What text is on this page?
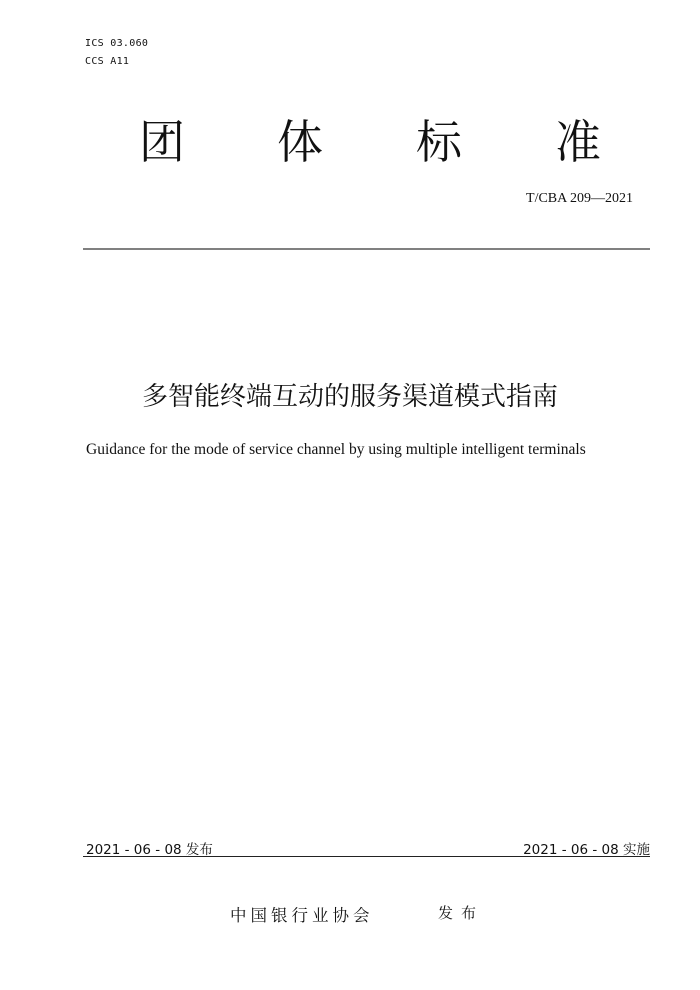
ICS 03.060
CCS A11
团 体 标 准
T/CBA 209—2021
多智能终端互动的服务渠道模式指南
Guidance for the mode of service channel by using multiple intelligent terminals
2021 - 06 - 08 发布	2021 - 06 - 08 实施
中国银行业协会	发布
